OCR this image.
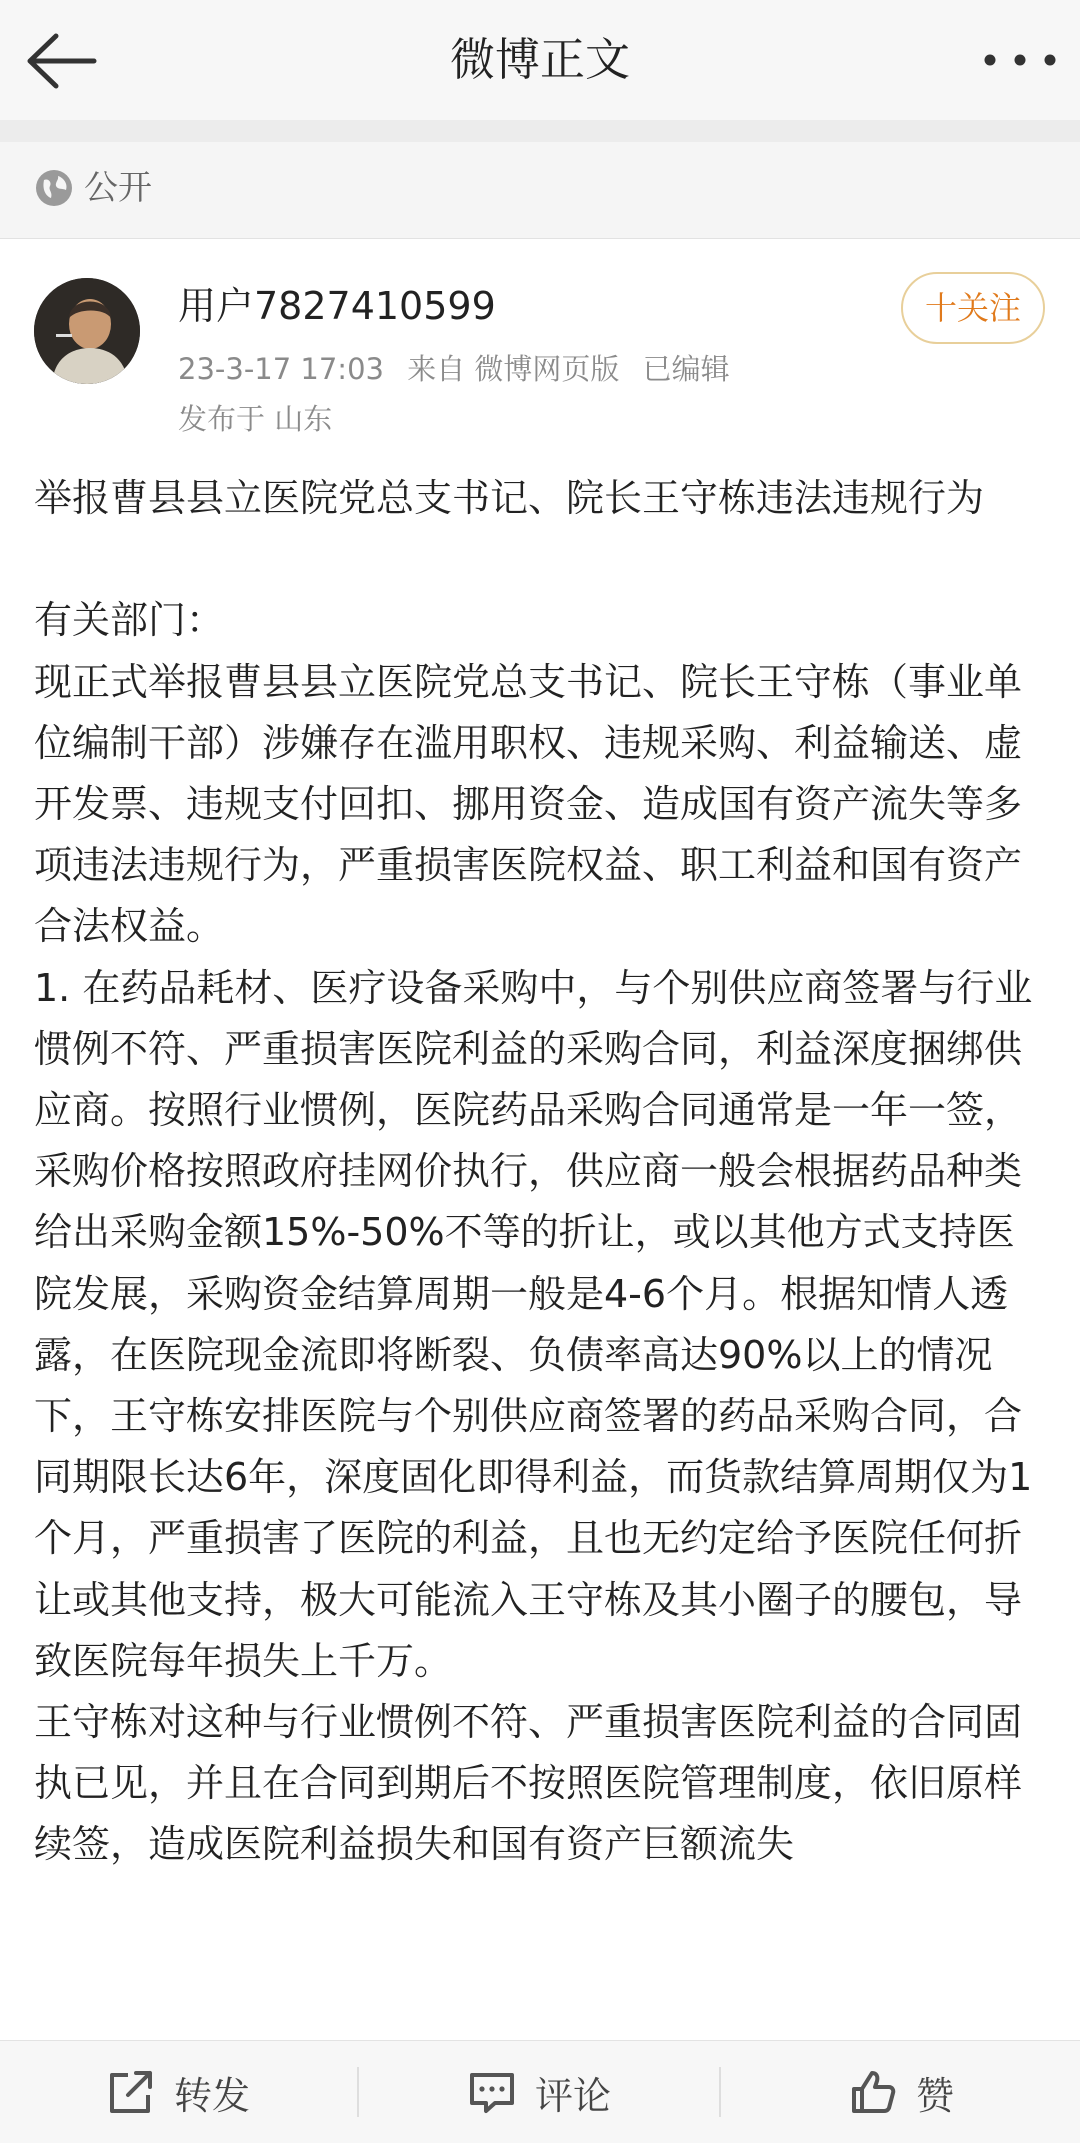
微博正文
公开
用户7827410599
23-3-17 17:03 来自 微博网页版 已编辑
发布于 山东
十关注

举报曹县县立医院党总支书记、院长王守栋违法违规行为

有关部门：

现正式举报曹县县立医院党总支书记、院长王守栋（事业单位编制干部）涉嫌存在滥用职权、违规采购、利益输送、虚开发票、违规支付回扣、挪用资金、造成国有资产流失等多项违法违规行为，严重损害医院权益、职工利益和国有资产合法权益。

1. 在药品耗材、医疗设备采购中，与个别供应商签署与行业惯例不符、严重损害医院利益的采购合同，利益深度捆绑供应商。按照行业惯例，医院药品采购合同通常是一年一签，采购价格按照政府挂网价执行，供应商一般会根据药品种类给出采购金额15%-50%不等的折让，或以其他方式支持医院发展，采购资金结算周期一般是4-6个月。根据知情人透露，在医院现金流即将断裂、负债率高达90%以上的情况下，王守栋安排医院与个别供应商签署的药品采购合同，合同期限长达6年，深度固化即得利益，而货款结算周期仅为1个月，严重损害了医院的利益，且也无约定给予医院任何折让或其他支持，极大可能流入王守栋及其小圈子的腰包，导致医院每年损失上千万。

王守栋对这种与行业惯例不符、严重损害医院利益的合同固执已见，并且在合同到期后不按照医院管理制度，依旧原样续签，造成医院利益损失和国有资产巨额流失

转发	评论	赞
